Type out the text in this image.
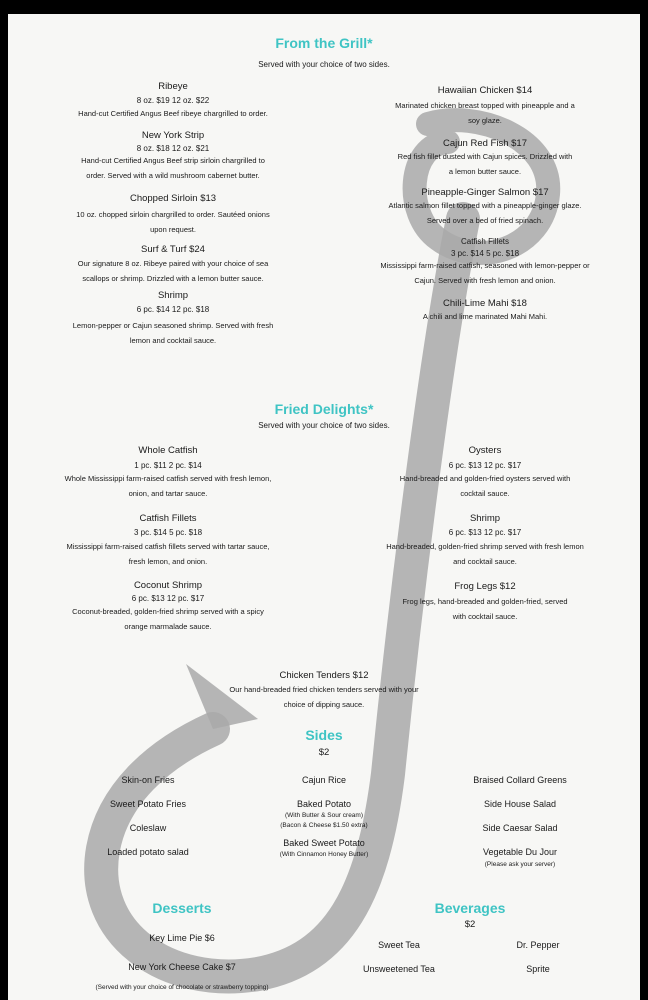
From the Grill*
Served with your choice of two sides.
Ribeye
8 oz. $19 12 oz. $22
Hand-cut Certified Angus Beef ribeye chargrilled to order.
New York Strip
8 oz. $18 12 oz. $21
Hand-cut Certified Angus Beef strip sirloin chargrilled to
order. Served with a wild mushroom cabernet butter.
Chopped Sirloin $13
10 oz. chopped sirloin chargrilled to order. Sautéed onions
upon request.
Surf & Turf $24
Our signature 8 oz. Ribeye paired with your choice of sea
scallops or shrimp. Drizzled with a lemon butter sauce.
Shrimp
6 pc. $14 12 pc. $18
Lemon-pepper or Cajun seasoned shrimp. Served with fresh
lemon and cocktail sauce.
Hawaiian Chicken $14
Marinated chicken breast topped with pineapple and a
soy glaze.
Cajun Red Fish $17
Red fish fillet dusted with Cajun spices. Drizzled with
a lemon butter sauce.
Pineapple-Ginger Salmon $17
Atlantic salmon fillet topped with a pineapple-ginger glaze.
Served over a bed of fried spinach.
Catfish Fillets
3 pc. $14 5 pc. $18
Mississippi farm-raised catfish, seasoned with lemon-pepper or
Cajun. Served with fresh lemon and onion.
Chili-Lime Mahi $18
A chili and lime marinated Mahi Mahi.
Fried Delights*
Served with your choice of two sides.
Whole Catfish
1 pc. $11 2 pc. $14
Whole Mississippi farm-raised catfish served with fresh lemon,
onion, and tartar sauce.
Catfish Fillets
3 pc. $14 5 pc. $18
Mississippi farm-raised catfish fillets served with tartar sauce,
fresh lemon, and onion.
Coconut Shrimp
6 pc. $13 12 pc. $17
Coconut-breaded, golden-fried shrimp served with a spicy
orange marmalade sauce.
Oysters
6 pc. $13 12 pc. $17
Hand-breaded and golden-fried oysters served with
cocktail sauce.
Shrimp
6 pc. $13 12 pc. $17
Hand-breaded, golden-fried shrimp served with fresh lemon
and cocktail sauce.
Frog Legs $12
Frog legs, hand-breaded and golden-fried, served
with cocktail sauce.
Chicken Tenders $12
Our hand-breaded fried chicken tenders served with your
choice of dipping sauce.
Sides
$2
Skin-on Fries
Sweet Potato Fries
Coleslaw
Loaded potato salad
Cajun Rice
Baked Potato
(With Butter & Sour cream)
(Bacon & Cheese $1.50 extra)
Baked Sweet Potato
(With Cinnamon Honey Butter)
Braised Collard Greens
Side House Salad
Side Caesar Salad
Vegetable Du Jour
(Please ask your server)
Desserts
Key Lime Pie $6
New York Cheese Cake $7
(Served with your choice of chocolate or strawberry topping)
Beverages
$2
Sweet Tea
Unsweetened Tea
Dr. Pepper
Sprite
